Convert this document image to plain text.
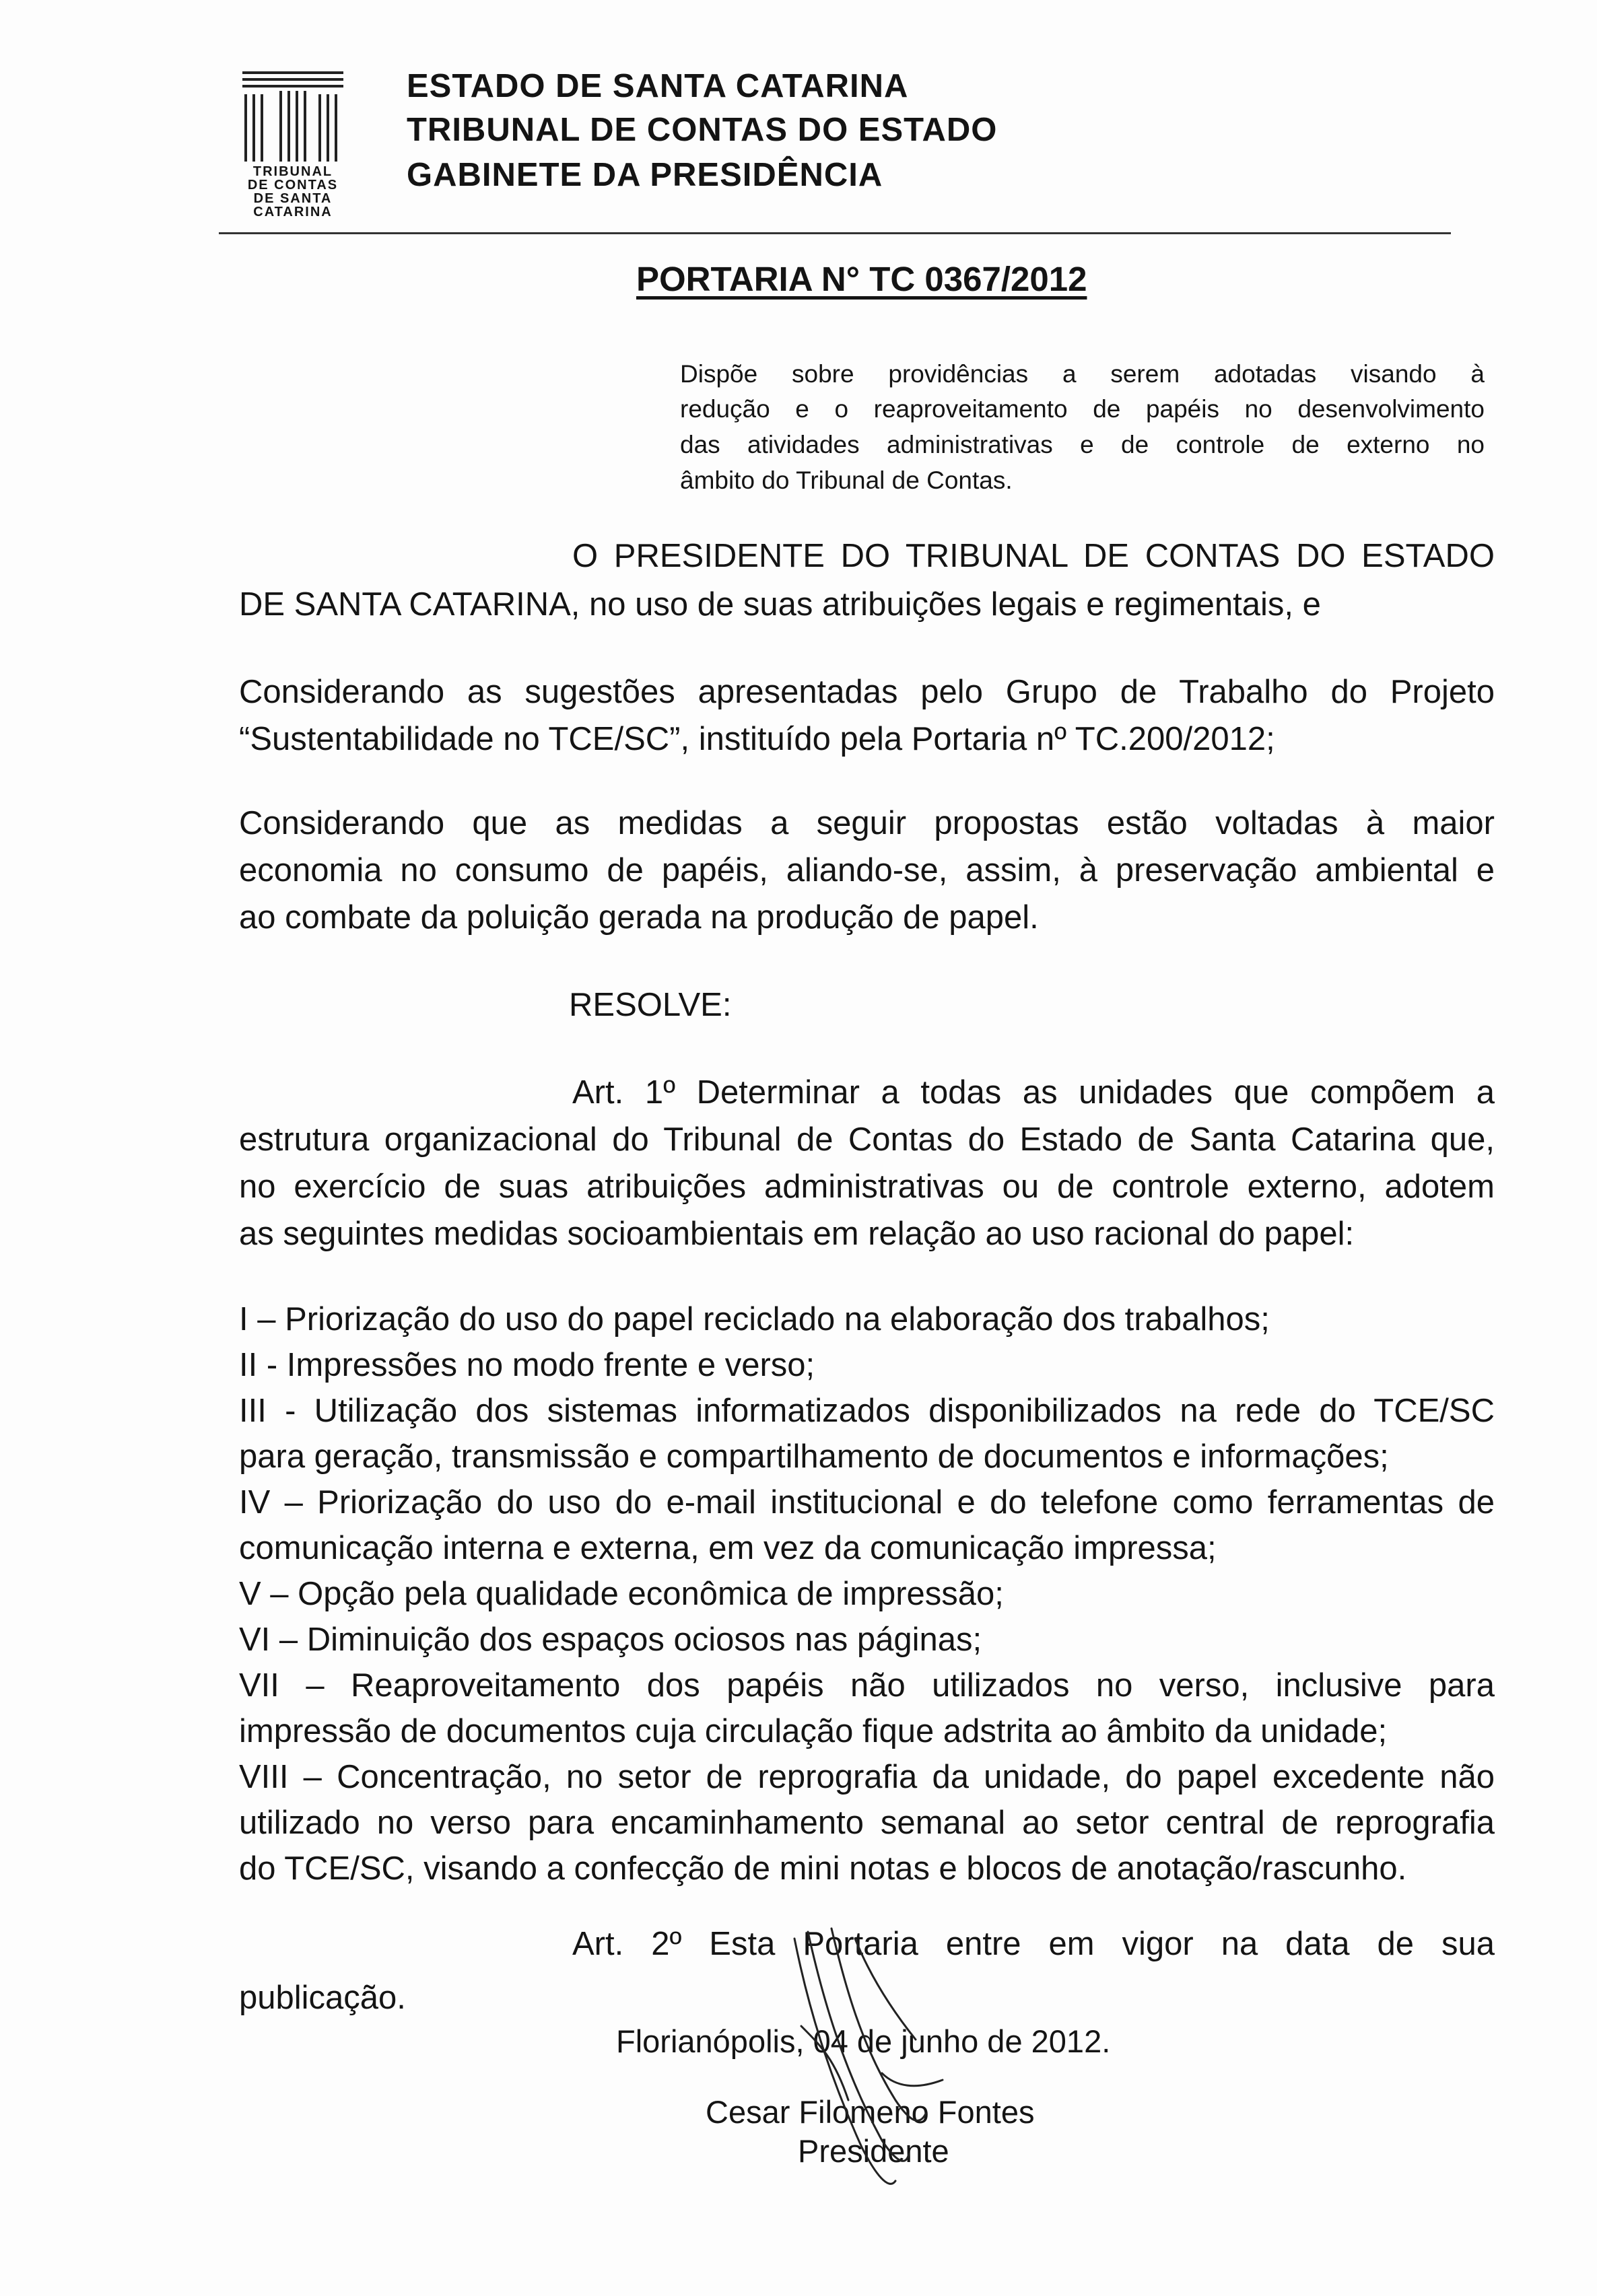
TRIBUNAL
DE CONTAS
DE SANTA
CATARINA
ESTADO DE SANTA CATARINA
TRIBUNAL DE CONTAS DO ESTADO
GABINETE DA PRESIDÊNCIA
PORTARIA N° TC 0367/2012
Dispõe sobre providências a serem adotadas visando à
redução e o reaproveitamento de papéis no desenvolvimento
das atividades administrativas e de controle de externo no
âmbito do Tribunal de Contas.
O PRESIDENTE DO TRIBUNAL DE CONTAS DO ESTADO
DE SANTA CATARINA, no uso de suas atribuições legais e regimentais, e
Considerando as sugestões apresentadas pelo Grupo de Trabalho do Projeto
“Sustentabilidade no TCE/SC”, instituído pela Portaria nº TC.200/2012;
Considerando que as medidas a seguir propostas estão voltadas à maior
economia no consumo de papéis, aliando-se, assim, à preservação ambiental e
ao combate da poluição gerada na produção de papel.
RESOLVE:
Art. 1º Determinar a todas as unidades que compõem a
estrutura organizacional do Tribunal de Contas do Estado de Santa Catarina que,
no exercício de suas atribuições administrativas ou de controle externo, adotem
as seguintes medidas socioambientais em relação ao uso racional do papel:
I – Priorização do uso do papel reciclado na elaboração dos trabalhos;
II - Impressões no modo frente e verso;
III - Utilização dos sistemas informatizados disponibilizados na rede do TCE/SC
para geração, transmissão e compartilhamento de documentos e informações;
IV – Priorização do uso do e-mail institucional e do telefone como ferramentas de
comunicação interna e externa, em vez da comunicação impressa;
V – Opção pela qualidade econômica de impressão;
VI – Diminuição dos espaços ociosos nas páginas;
VII – Reaproveitamento dos papéis não utilizados no verso, inclusive para
impressão de documentos cuja circulação fique adstrita ao âmbito da unidade;
VIII – Concentração, no setor de reprografia da unidade, do papel excedente não
utilizado no verso para encaminhamento semanal ao setor central de reprografia
do TCE/SC, visando a confecção de mini notas e blocos de anotação/rascunho.
Art. 2º Esta Portaria entre em vigor na data de sua
publicação.
Florianópolis, 04 de junho de 2012.
Cesar Filomeno Fontes
Presidente
